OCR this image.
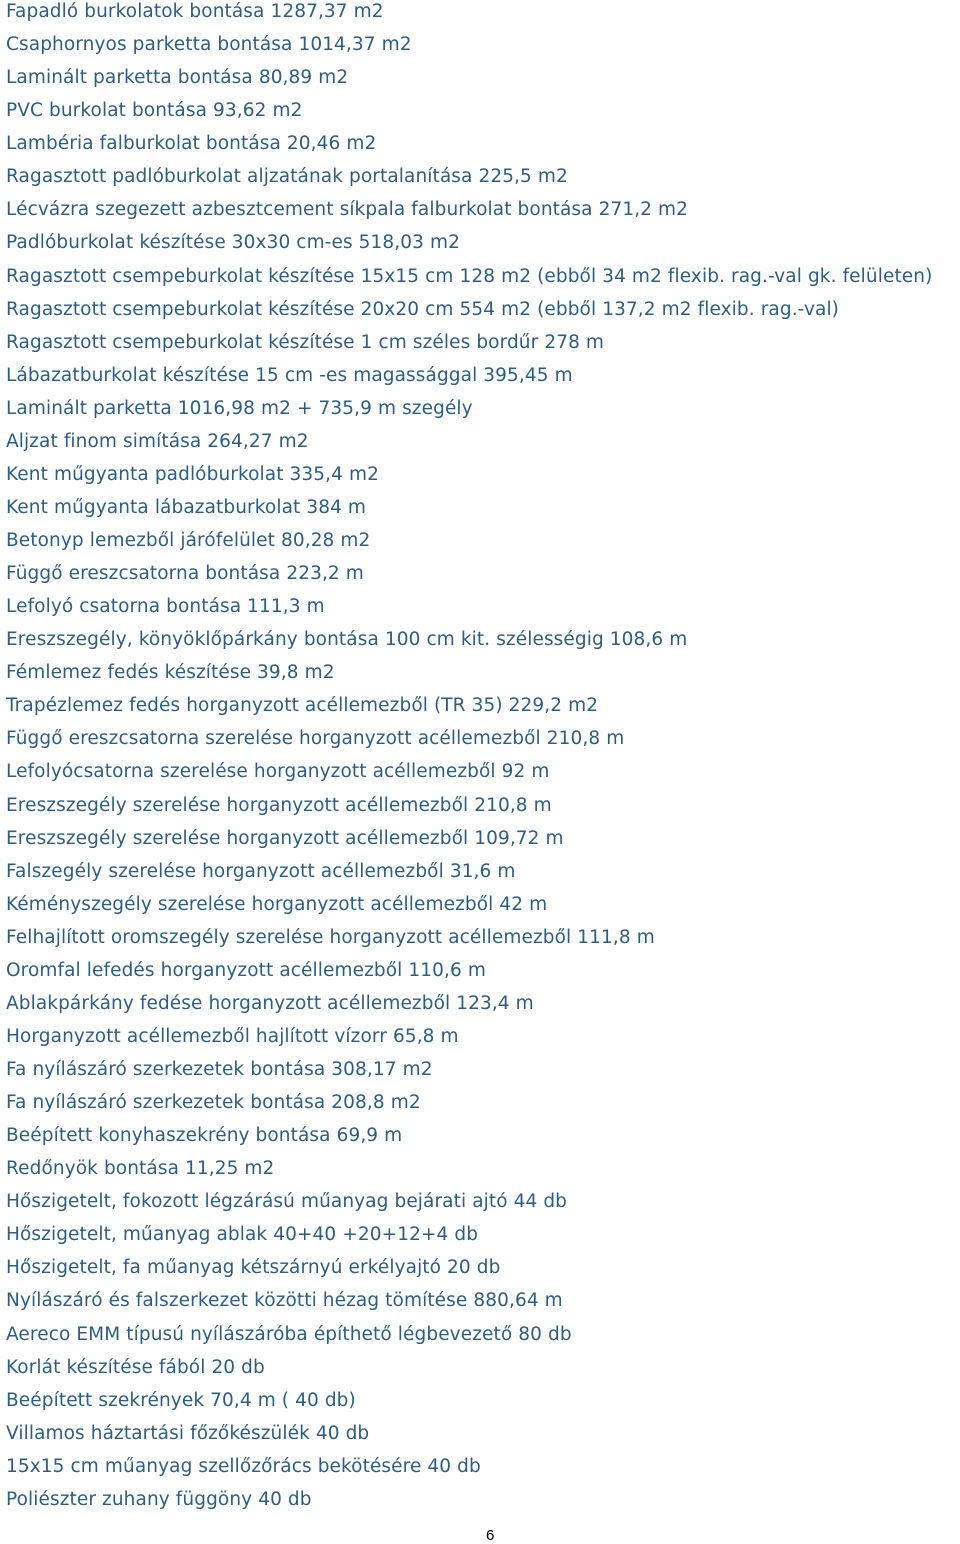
Fapadló burkolatok bontása 1287,37 m2
Csaphornyos parketta bontása 1014,37 m2
Laminált parketta bontása 80,89 m2
PVC burkolat bontása 93,62 m2
Lambéria falburkolat bontása 20,46 m2
Ragasztott padlóburkolat aljzatának portalanítása 225,5 m2
Lécvázra szegezett azbesztcement síkpala falburkolat bontása 271,2 m2
Padlóburkolat készítése 30x30 cm-es 518,03 m2
Ragasztott csempeburkolat készítése 15x15 cm 128 m2 (ebből 34 m2 flexib. rag.-val gk. felületen)
Ragasztott csempeburkolat készítése 20x20 cm 554 m2 (ebből 137,2 m2 flexib. rag.-val)
Ragasztott csempeburkolat készítése 1 cm széles bordűr 278 m
Lábazatburkolat készítése 15 cm -es magassággal 395,45 m
Laminált parketta 1016,98 m2 + 735,9 m szegély
Aljzat finom simítása 264,27 m2
Kent műgyanta padlóburkolat 335,4 m2
Kent műgyanta lábazatburkolat 384 m
Betonyp lemezből járófelület 80,28 m2
Függő ereszcsatorna bontása 223,2 m
Lefolyó csatorna bontása 111,3 m
Ereszszegély, könyöklőpárkány bontása 100 cm kit. szélességig 108,6 m
Fémlemez fedés készítése 39,8 m2
Trapézlemez fedés horganyzott acéllemezből (TR 35) 229,2 m2
Függő ereszcsatorna szerelése horganyzott acéllemezből 210,8 m
Lefolyócsatorna szerelése horganyzott acéllemezből 92 m
Ereszszegély szerelése horganyzott acéllemezből 210,8 m
Ereszszegély szerelése horganyzott acéllemezből 109,72 m
Falszegély szerelése horganyzott acéllemezből 31,6 m
Kéményszegély szerelése horganyzott acéllemezből 42 m
Felhajlított oromszegély szerelése horganyzott acéllemezből 111,8 m
Oromfal lefedés horganyzott acéllemezből 110,6 m
Ablakpárkány fedése horganyzott acéllemezből 123,4 m
Horganyzott acéllemezből hajlított vízorr 65,8 m
Fa nyílászáró szerkezetek bontása 308,17 m2
Fa nyílászáró szerkezetek bontása 208,8 m2
Beépített konyhaszekrény bontása 69,9 m
Redőnyök bontása 11,25 m2
Hőszigetelt, fokozott légzárású műanyag bejárati ajtó 44 db
Hőszigetelt, műanyag ablak 40+40 +20+12+4 db
Hőszigetelt, fa műanyag kétszárnyú erkélyajtó 20 db
Nyílászáró és falszerkezet közötti hézag tömítése 880,64 m
Aereco EMM típusú nyílászáróba építhető légbevezető 80 db
Korlát készítése fából 20 db
Beépített szekrények 70,4 m ( 40 db)
Villamos háztartási főzőkészülék 40 db
15x15 cm műanyag szellőzőrács bekötésére 40 db
Poliészter zuhany függöny 40 db
6
